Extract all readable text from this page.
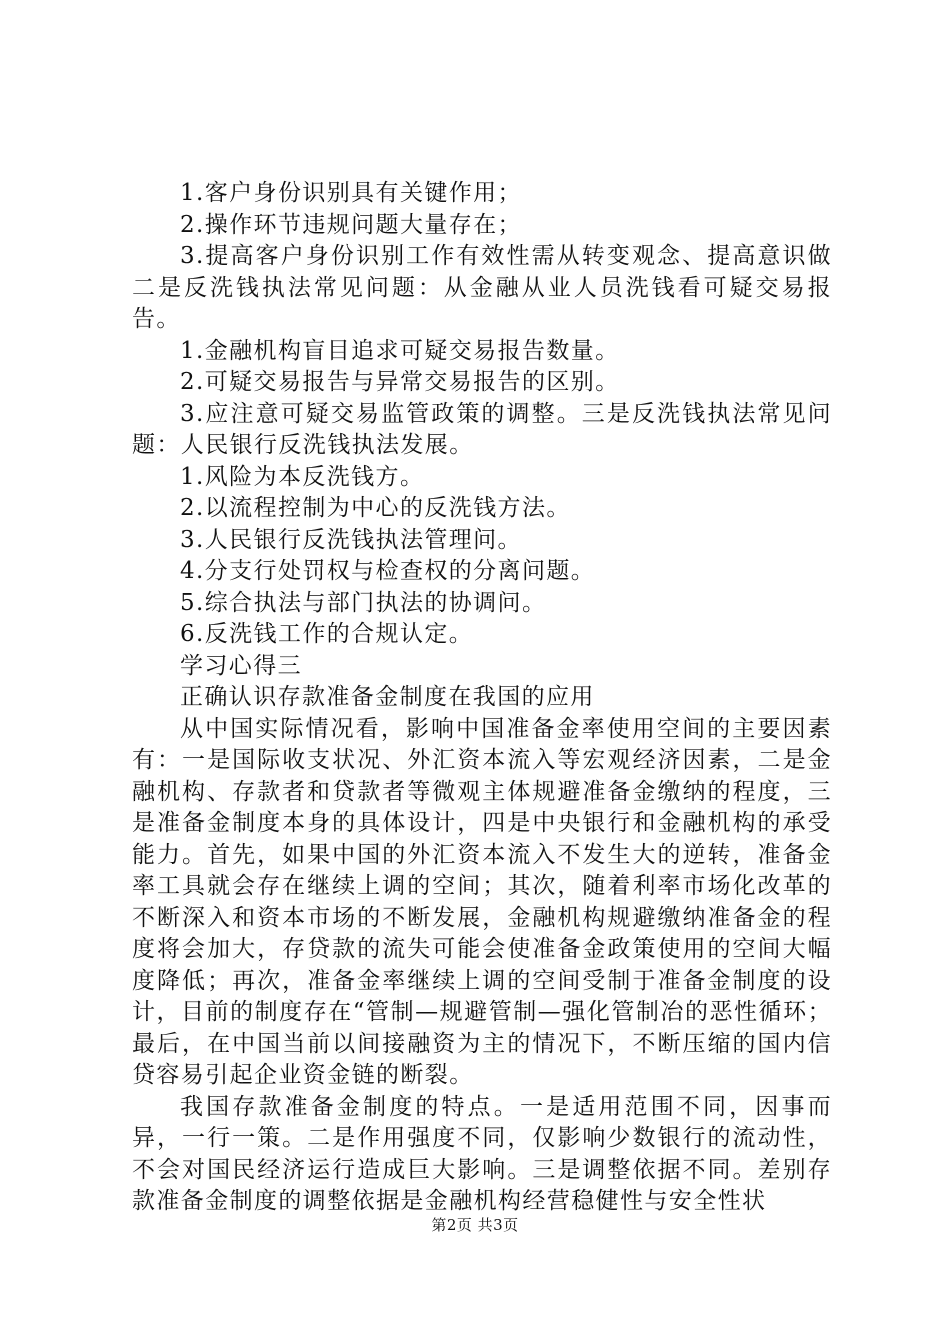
1.客户身份识别具有关键作用；

2.操作环节违规问题大量存在；

3.提高客户身份识别工作有效性需从转变观念、提高意识做二是反洗钱执法常见问题：从金融从业人员洗钱看可疑交易报告。

1.金融机构盲目追求可疑交易报告数量。

2.可疑交易报告与异常交易报告的区别。

3.应注意可疑交易监管政策的调整。三是反洗钱执法常见问题：人民银行反洗钱执法发展。

1.风险为本反洗钱方。

2.以流程控制为中心的反洗钱方法。

3.人民银行反洗钱执法管理问。

4.分支行处罚权与检查权的分离问题。

5.综合执法与部门执法的协调问。

6.反洗钱工作的合规认定。

学习心得三

正确认识存款准备金制度在我国的应用

从中国实际情况看，影响中国准备金率使用空间的主要因素有：一是国际收支状况、外汇资本流入等宏观经济因素，二是金融机构、存款者和贷款者等微观主体规避准备金缴纳的程度，三是准备金制度本身的具体设计，四是中央银行和金融机构的承受能力。首先，如果中国的外汇资本流入不发生大的逆转，准备金率工具就会存在继续上调的空间；其次，随着利率市场化改革的不断深入和资本市场的不断发展，金融机构规避缴纳准备金的程度将会加大，存贷款的流失可能会使准备金政策使用的空间大幅度降低；再次，准备金率继续上调的空间受制于准备金制度的设计，目前的制度存在“管制—规避管制—强化管制冶的恶性循环；最后，在中国当前以间接融资为主的情况下，不断压缩的国内信贷容易引起企业资金链的断裂。

我国存款准备金制度的特点。一是适用范围不同，因事而异，一行一策。二是作用强度不同，仅影响少数银行的流动性，不会对国民经济运行造成巨大影响。三是调整依据不同。差别存款准备金制度的调整依据是金融机构经营稳健性与安全性状

第2页 共3页
